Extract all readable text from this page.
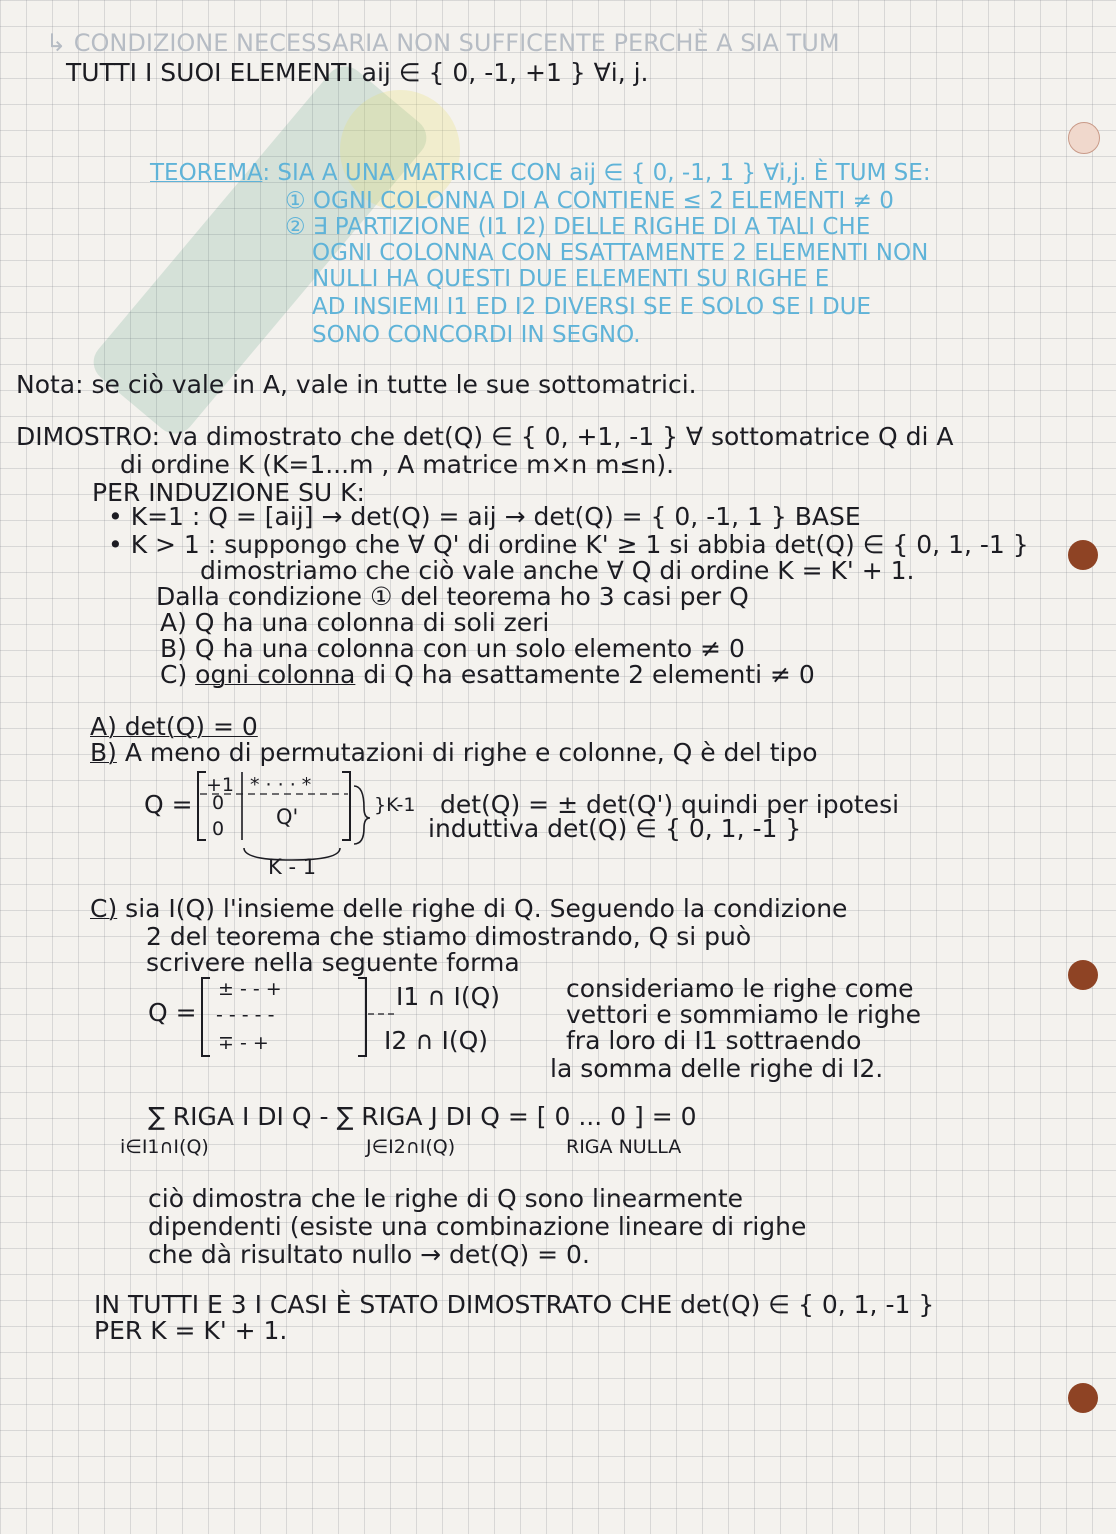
↳ CONDIZIONE NECESSARIA NON SUFFICENTE PERCHÈ A SIA TUM
TUTTI I SUOI ELEMENTI aij ∈ { 0, -1, +1 } ∀i, j.
TEOREMA: SIA A UNA MATRICE CON aij ∈ { 0, -1, 1 } ∀i,j. È TUM SE:
① OGNI COLONNA DI A CONTIENE ≤ 2 ELEMENTI ≠ 0
② ∃ PARTIZIONE (I1 I2) DELLE RIGHE DI A TALI CHE
OGNI COLONNA CON ESATTAMENTE 2 ELEMENTI NON
NULLI HA QUESTI DUE ELEMENTI SU RIGHE E
AD INSIEMI I1 ED I2 DIVERSI SE E SOLO SE I DUE
SONO CONCORDI IN SEGNO.
Nota: se ciò vale in A, vale in tutte le sue sottomatrici.
DIMOSTRO: va dimostrato che det(Q) ∈ { 0, +1, -1 } ∀ sottomatrice Q di A
di ordine K (K=1...m , A matrice m×n m≤n).
PER INDUZIONE SU K:
• K=1 : Q = [aij] → det(Q) = aij → det(Q) = { 0, -1, 1 } BASE
• K > 1 : suppongo che ∀ Q' di ordine K' ≥ 1 si abbia det(Q) ∈ { 0, 1, -1 }
dimostriamo che ciò vale anche ∀ Q di ordine K = K' + 1.
Dalla condizione ① del teorema ho 3 casi per Q
A) Q ha una colonna di soli zeri
B) Q ha una colonna con un solo elemento ≠ 0
C) ogni colonna di Q ha esattamente 2 elementi ≠ 0
A) det(Q) = 0
B) A meno di permutazioni di righe e colonne, Q è del tipo
Q =
+1
0
0
* · · · *
Q'
K - 1
}K-1 det(Q) = ± det(Q') quindi per ipotesi
induttiva det(Q) ∈ { 0, 1, -1 }
C) sia I(Q) l'insieme delle righe di Q. Seguendo la condizione
2 del teorema che stiamo dimostrando, Q si può
scrivere nella seguente forma
Q =
± - - +
- - - - -
∓ - +
I1 ∩ I(Q)
I2 ∩ I(Q)
consideriamo le righe come
vettori e sommiamo le righe
fra loro di I1 sottraendo
la somma delle righe di I2.
∑ RIGA I DI Q - ∑ RIGA J DI Q = [ 0 ... 0 ] = 0
i∈I1∩I(Q)	J∈I2∩I(Q)	RIGA NULLA
ciò dimostra che le righe di Q sono linearmente
dipendenti (esiste una combinazione lineare di righe
che dà risultato nullo → det(Q) = 0.
IN TUTTI E 3 I CASI È STATO DIMOSTRATO CHE det(Q) ∈ { 0, 1, -1 }
PER K = K' + 1.
